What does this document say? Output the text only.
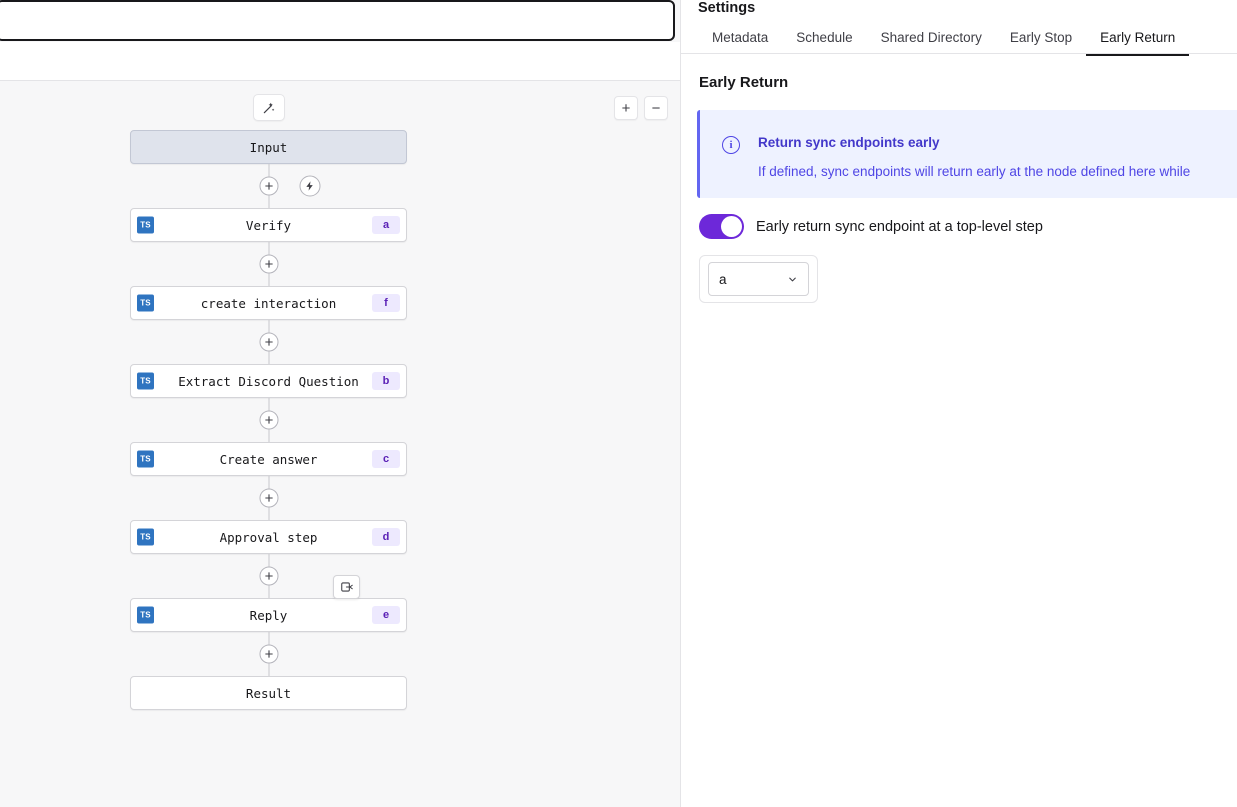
+	−
Input
TS	Verify	a
TS	create interaction	f
TS Extract Discord Question	b
TS	Create answer	c
TS	Approval step	d
TS	Reply	e
Result
Settings
Metadata	Schedule	Shared Directory	Early Stop	Early Return
Early Return
i	Return sync endpoints early
If defined, sync endpoints will return early at the node defined here while
Early return sync endpoint at a top-level step
a
